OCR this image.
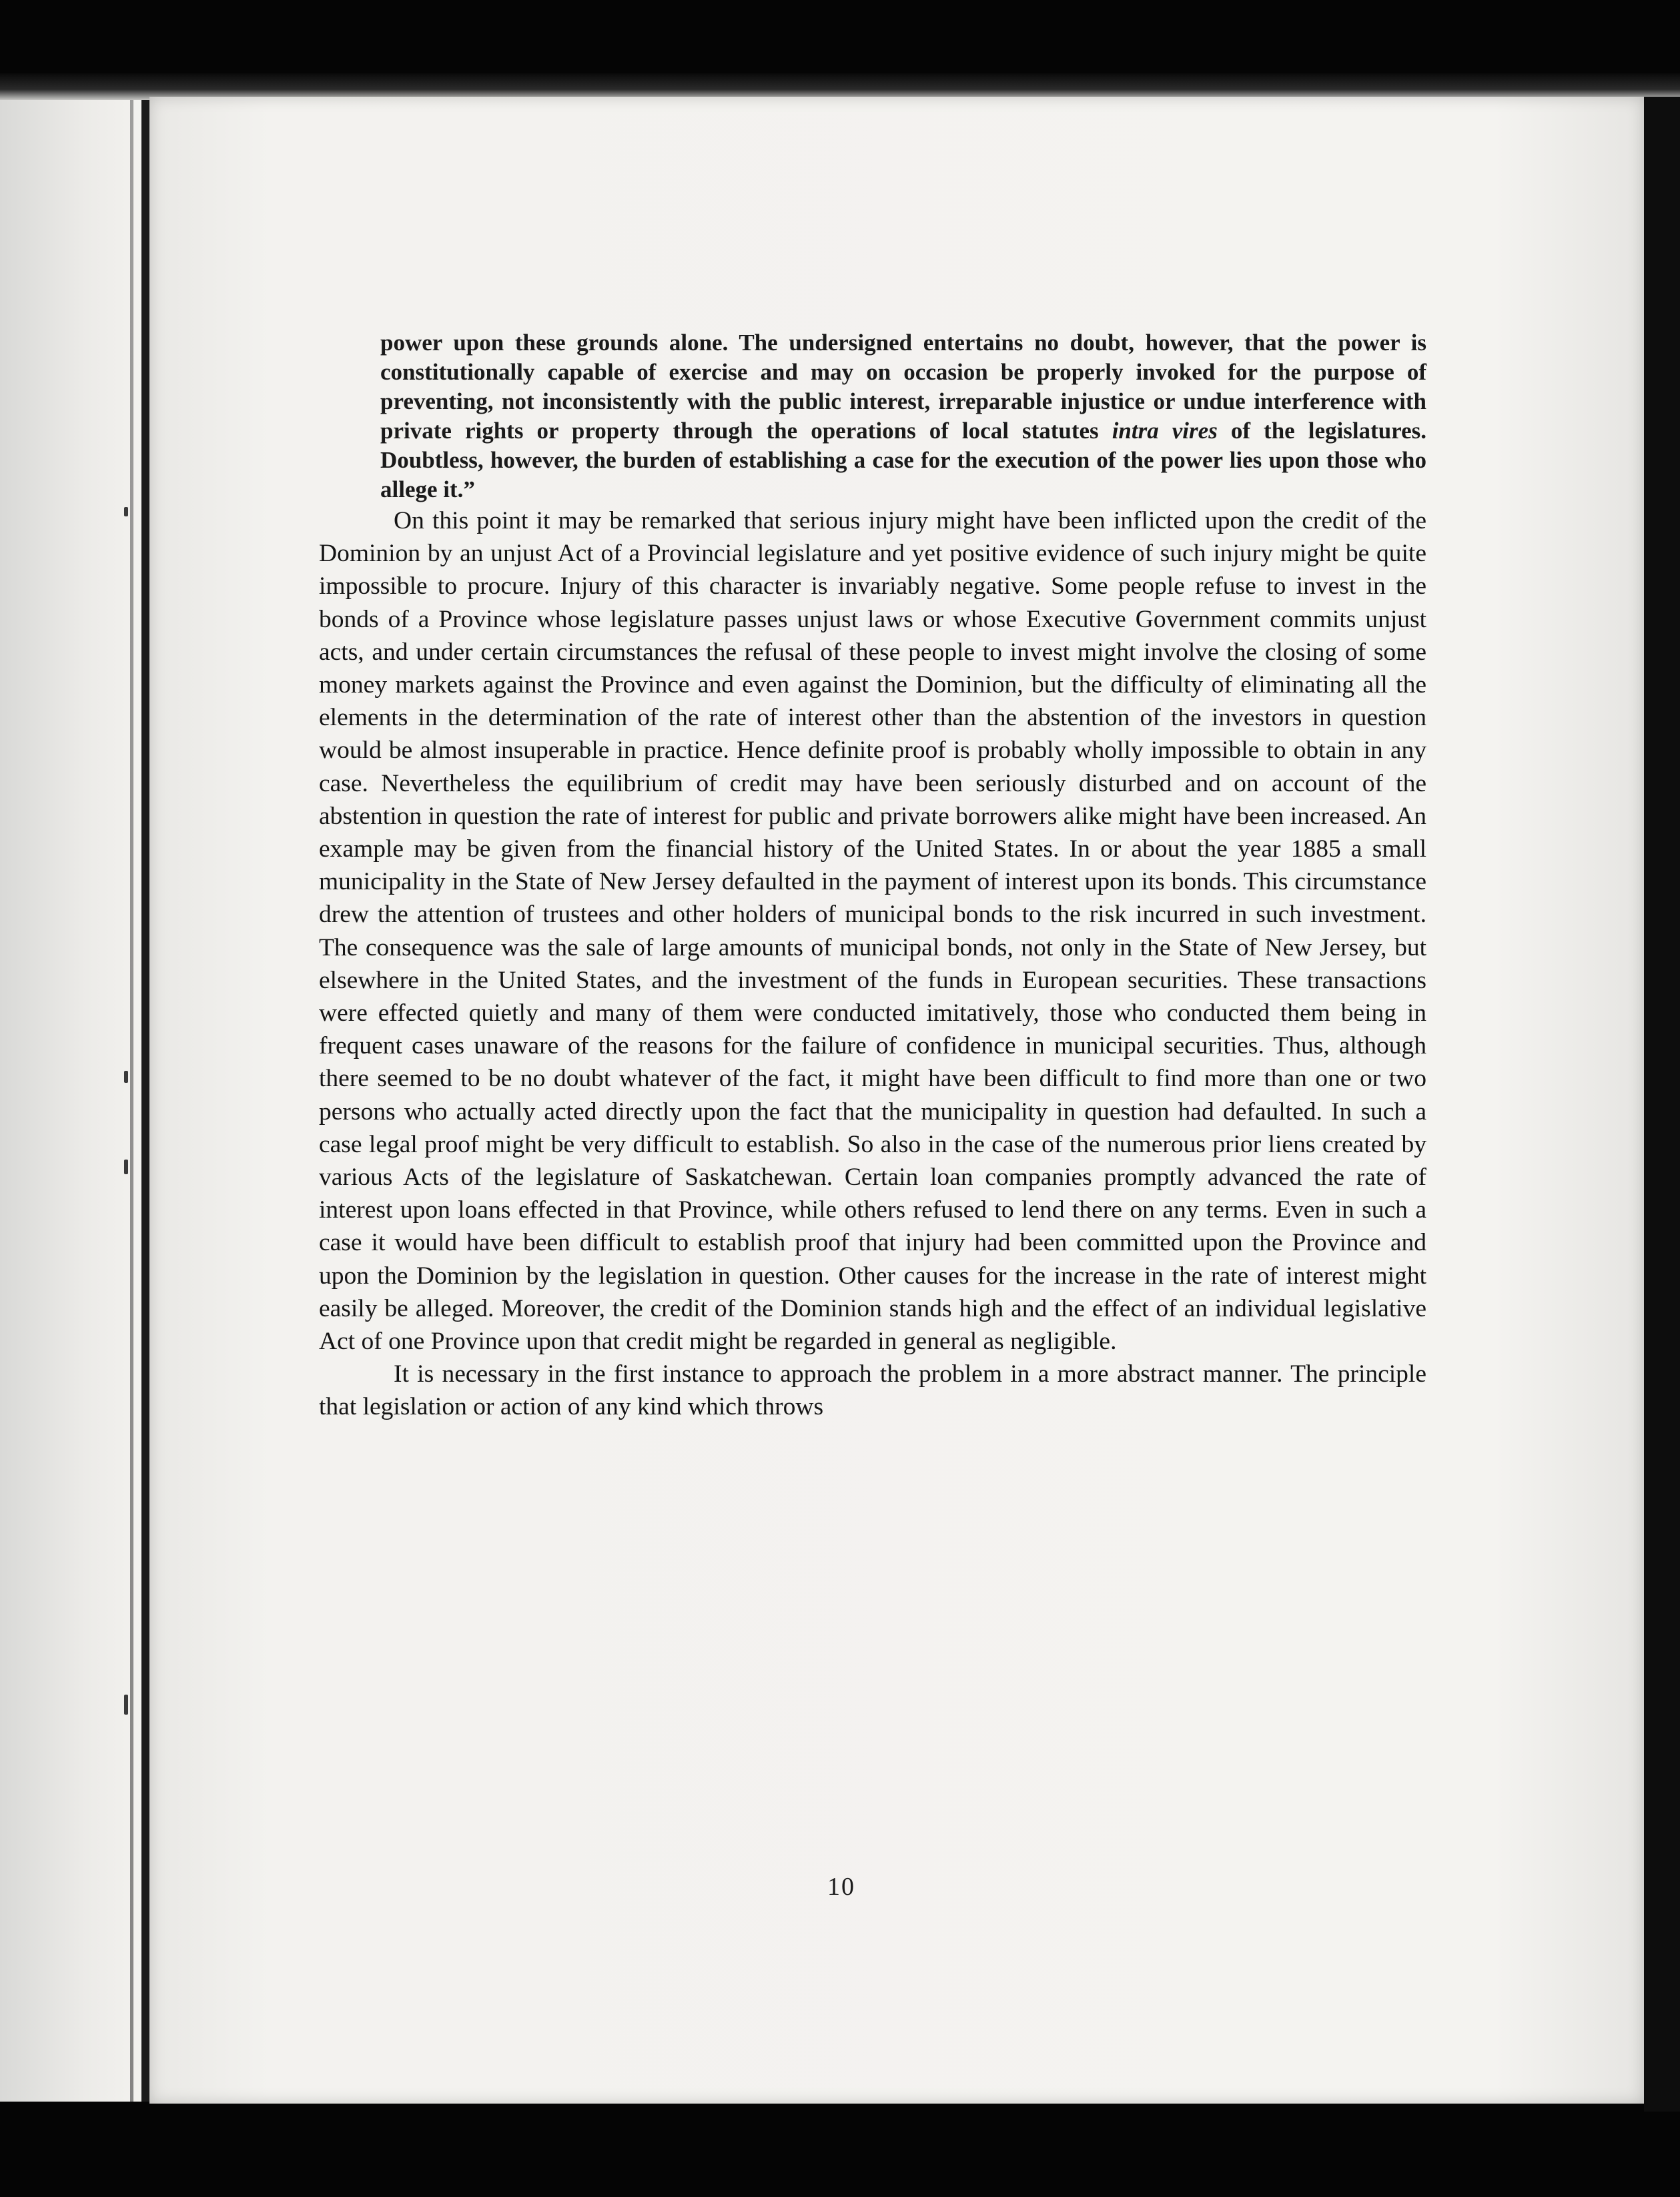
power upon these grounds alone. The undersigned entertains no doubt, however, that the power is constitutionally capable of exercise and may on occasion be properly invoked for the purpose of preventing, not inconsistently with the public interest, irreparable injustice or undue interference with private rights or property through the operations of local statutes intra vires of the legislatures. Doubtless, however, the burden of establishing a case for the execution of the power lies upon those who allege it.”

On this point it may be remarked that serious injury might have been inflicted upon the credit of the Dominion by an unjust Act of a Provincial legislature and yet positive evidence of such injury might be quite impossible to procure. Injury of this character is invariably negative. Some people refuse to invest in the bonds of a Province whose legislature passes unjust laws or whose Executive Government commits unjust acts, and under certain circumstances the refusal of these people to invest might involve the closing of some money markets against the Province and even against the Dominion, but the difficulty of eliminating all the elements in the determination of the rate of interest other than the abstention of the investors in question would be almost insuperable in practice. Hence definite proof is probably wholly impossible to obtain in any case. Nevertheless the equilibrium of credit may have been seriously disturbed and on account of the abstention in question the rate of interest for public and private borrowers alike might have been increased. An example may be given from the financial history of the United States. In or about the year 1885 a small municipality in the State of New Jersey defaulted in the payment of interest upon its bonds. This circumstance drew the attention of trustees and other holders of municipal bonds to the risk incurred in such investment. The consequence was the sale of large amounts of municipal bonds, not only in the State of New Jersey, but elsewhere in the United States, and the investment of the funds in European securities. These transactions were effected quietly and many of them were conducted imitatively, those who conducted them being in frequent cases unaware of the reasons for the failure of confidence in municipal securities. Thus, although there seemed to be no doubt whatever of the fact, it might have been difficult to find more than one or two persons who actually acted directly upon the fact that the municipality in question had defaulted. In such a case legal proof might be very difficult to establish. So also in the case of the numerous prior liens created by various Acts of the legislature of Saskatchewan. Certain loan companies promptly advanced the rate of interest upon loans effected in that Province, while others refused to lend there on any terms. Even in such a case it would have been difficult to establish proof that injury had been committed upon the Province and upon the Dominion by the legislation in question. Other causes for the increase in the rate of interest might easily be alleged. Moreover, the credit of the Dominion stands high and the effect of an individual legislative Act of one Province upon that credit might be regarded in general as negligible.

It is necessary in the first instance to approach the problem in a more abstract manner. The principle that legislation or action of any kind which throws

10
